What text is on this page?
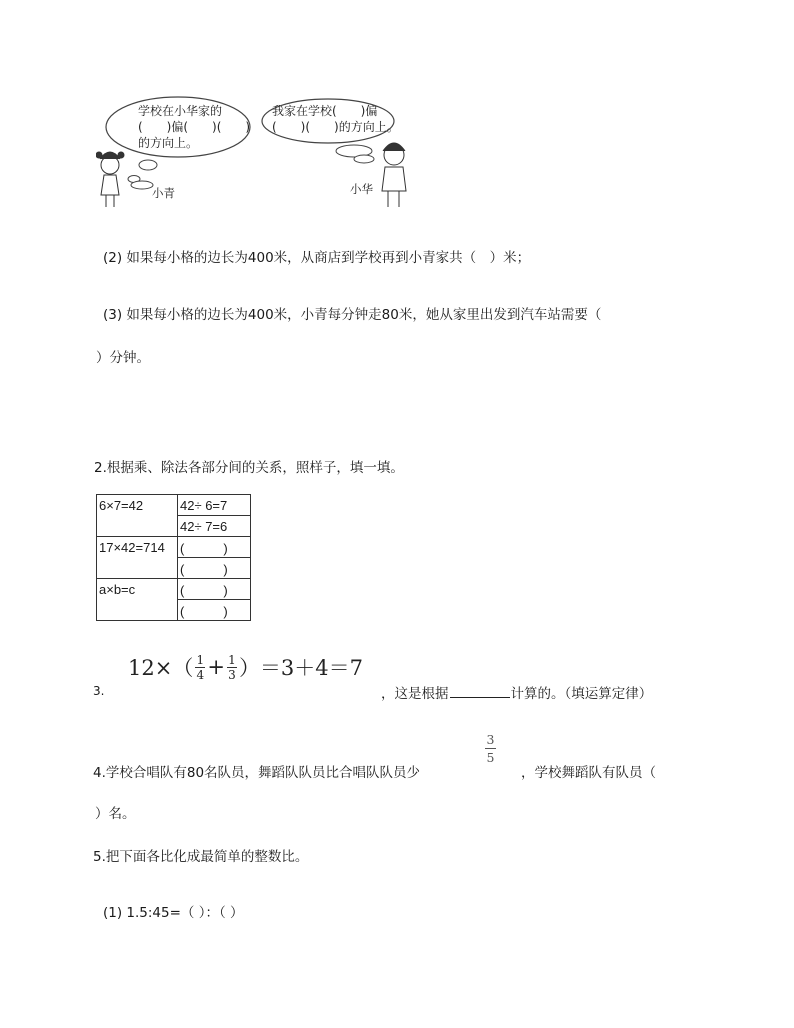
学校在小华家的
(　　)偏(　　)(　　)
的方向上。
我家在学校(　　)偏
(　　)(　　)的方向上。
小青	小华
(2) 如果每小格的边长为400米，从商店到学校再到小青家共（　）米；
(3) 如果每小格的边长为400米，小青每分钟走80米，她从家里出发到汽车站需要（
）分钟。
2.根据乘、除法各部分间的关系，照样子，填一填。
6×7=42	42÷ 6=7
	42÷ 7=6
17×42=714	(　　　)
	(　　　)
a×b=c	(　　　)
	(　　　)
$12\times( \frac{1}{4} + \frac{1}{3} )=3+4=7$
3.	，这是根据	计算的。（填运算定律）
4.学校合唱队有80名队员，舞蹈队队员比合唱队队员少
3
5
，学校舞蹈队有队员（
）名。
5.把下面各比化成最简单的整数比。
(1) 1.5:45=（ ）：（ ）
